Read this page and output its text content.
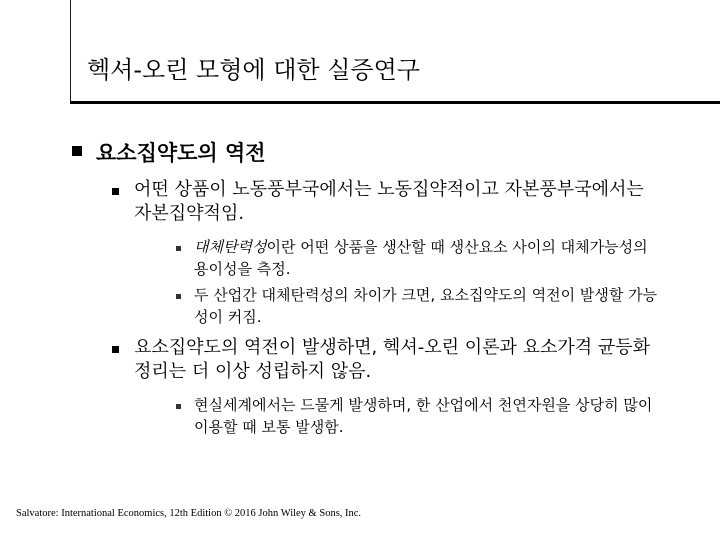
헥셔-오린 모형에 대한 실증연구
요소집약도의 역전
어떤 상품이 노동풍부국에서는 노동집약적이고 자본풍부국에서는 자본집약적임.
대체탄력성이란 어떤 상품을 생산할 때 생산요소 사이의 대체가능성의 용이성을 측정.
두 산업간 대체탄력성의 차이가 크면, 요소집약도의 역전이 발생할 가능성이 커짐.
요소집약도의 역전이 발생하면, 헥셔-오린 이론과 요소가격 균등화 정리는 더 이상 성립하지 않음.
현실세계에서는 드물게 발생하며, 한 산업에서 천연자원을 상당히 많이 이용할 때 보통 발생함.
Salvatore: International Economics, 12th Edition © 2016 John Wiley & Sons, Inc.
